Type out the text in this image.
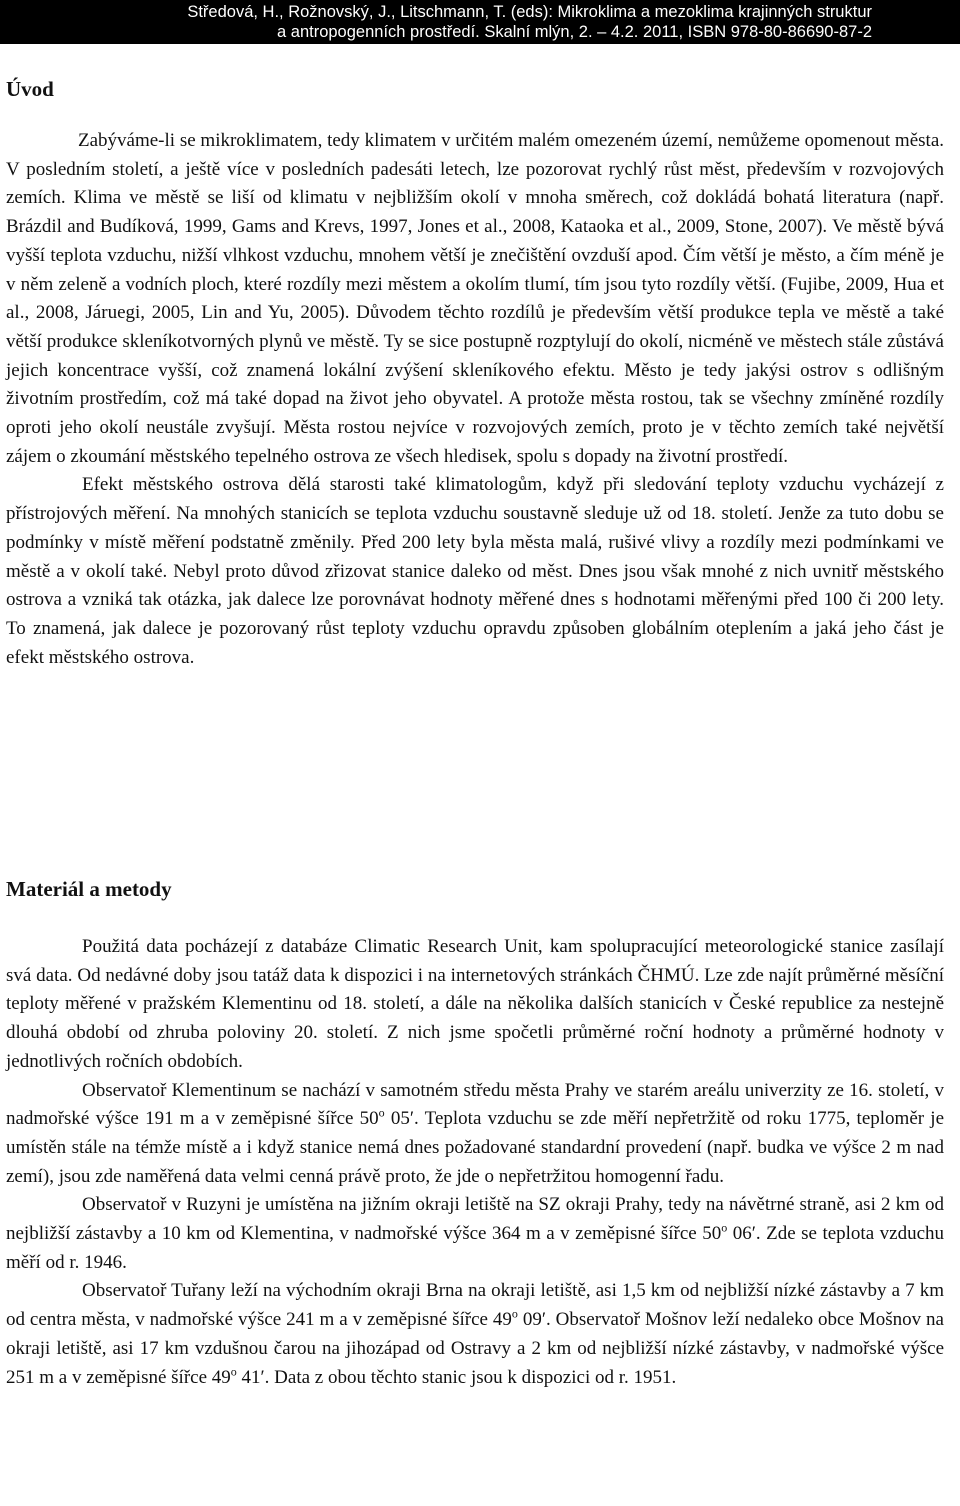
Středová, H., Rožnovský, J., Litschmann, T. (eds): Mikroklima a mezoklima krajinných struktur
a antropogenních prostředí. Skalní mlýn, 2. – 4.2. 2011, ISBN 978-80-86690-87-2
Úvod

Zabýváme-li se mikroklimatem, tedy klimatem v určitém malém omezeném území, nemůžeme opomenout města. V posledním století, a ještě více v posledních padesáti letech, lze pozorovat rychlý růst měst, především v rozvojových zemích. Klima ve městě se liší od klimatu v nejbližším okolí v mnoha směrech, což dokládá bohatá literatura (např. Brázdil and Budíková, 1999, Gams and Krevs, 1997, Jones et al., 2008, Kataoka et al., 2009, Stone, 2007). Ve městě bývá vyšší teplota vzduchu, nižší vlhkost vzduchu, mnohem větší je znečištění ovzduší apod. Čím větší je město, a čím méně je v něm zeleně a vodních ploch, které rozdíly mezi městem a okolím tlumí, tím jsou tyto rozdíly větší. (Fujibe, 2009, Hua et al., 2008, Járuegi, 2005, Lin and Yu, 2005). Důvodem těchto rozdílů je především větší produkce tepla ve městě a také větší produkce skleníkotvorných plynů ve městě. Ty se sice postupně rozptylují do okolí, nicméně ve městech stále zůstává jejich koncentrace vyšší, což znamená lokální zvýšení skleníkového efektu. Město je tedy jakýsi ostrov s odlišným životním prostředím, což má také dopad na život jeho obyvatel. A protože města rostou, tak se všechny zmíněné rozdíly oproti jeho okolí neustále zvyšují. Města rostou nejvíce v rozvojových zemích, proto je v těchto zemích také největší zájem o zkoumání městského tepelného ostrova ze všech hledisek, spolu s dopady na životní prostředí.

Efekt městského ostrova dělá starosti také klimatologům, když při sledování teploty vzduchu vycházejí z přístrojových měření. Na mnohých stanicích se teplota vzduchu soustavně sleduje už od 18. století. Jenže za tuto dobu se podmínky v místě měření podstatně změnily. Před 200 lety byla města malá, rušivé vlivy a rozdíly mezi podmínkami ve městě a v okolí také. Nebyl proto důvod zřizovat stanice daleko od měst. Dnes jsou však mnohé z nich uvnitř městského ostrova a vzniká tak otázka, jak dalece lze porovnávat hodnoty měřené dnes s hodnotami měřenými před 100 či 200 lety. To znamená, jak dalece je pozorovaný růst teploty vzduchu opravdu způsoben globálním oteplením a jaká jeho část je efekt městského ostrova.

Materiál a metody

Použitá data pocházejí z databáze Climatic Research Unit, kam spolupracující meteorologické stanice zasílají svá data. Od nedávné doby jsou tatáž data k dispozici i na internetových stránkách ČHMÚ. Lze zde najít průměrné měsíční teploty měřené v pražském Klementinu od 18. století, a dále na několika dalších stanicích v České republice za nestejně dlouhá období od zhruba poloviny 20. století. Z nich jsme spočetli průměrné roční hodnoty a průměrné hodnoty v jednotlivých ročních obdobích.

Observatoř Klementinum se nachází v samotném středu města Prahy ve starém areálu univerzity ze 16. století, v nadmořské výšce 191 m a v zeměpisné šířce 50$^o$ 05′. Teplota vzduchu se zde měří nepřetržitě od roku 1775, teploměr je umístěn stále na témže místě a i když stanice nemá dnes požadované standardní provedení (např. budka ve výšce 2 m nad zemí), jsou zde naměřená data velmi cenná právě proto, že jde o nepřetržitou homogenní řadu.

Observatoř v Ruzyni je umístěna na jižním okraji letiště na SZ okraji Prahy, tedy na návětrné straně, asi 2 km od nejbližší zástavby a 10 km od Klementina, v nadmořské výšce 364 m a v zeměpisné šířce 50$^o$ 06′. Zde se teplota vzduchu měří od r. 1946.

Observatoř Tuřany leží na východním okraji Brna na okraji letiště, asi 1,5 km od nejbližší nízké zástavby a 7 km od centra města, v nadmořské výšce 241 m a v zeměpisné šířce 49$^o$ 09′. Observatoř Mošnov leží nedaleko obce Mošnov na okraji letiště, asi 17 km vzdušnou čarou na jihozápad od Ostravy a 2 km od nejbližší nízké zástavby, v nadmořské výšce 251 m a v zeměpisné šířce 49$^o$ 41′. Data z obou těchto stanic jsou k dispozici od r. 1951.
